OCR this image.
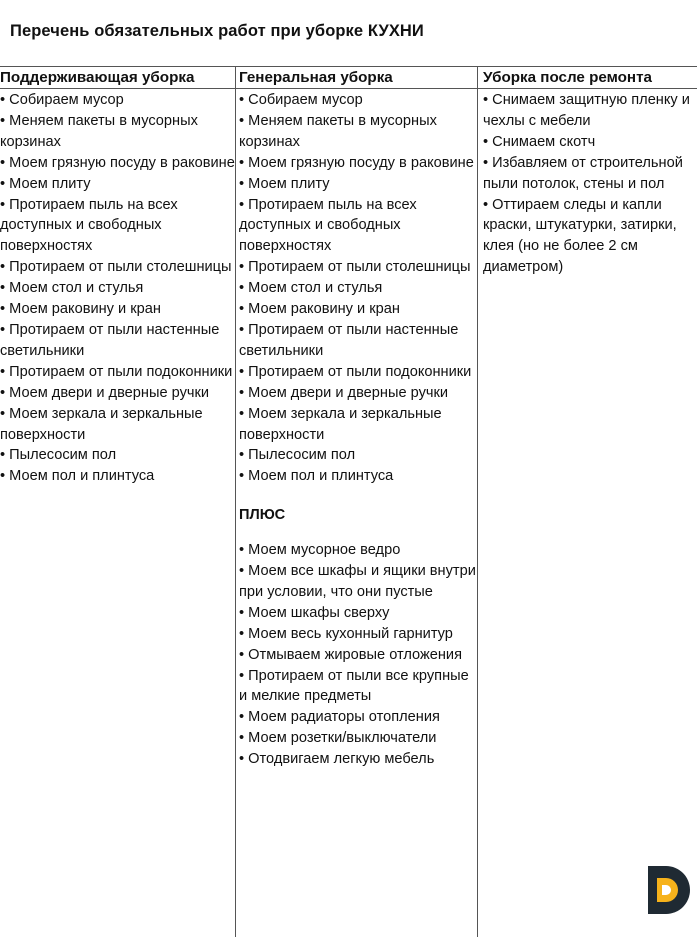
Перечень обязательных работ при уборке КУХНИ
Поддерживающая уборка
• Собираем мусор
• Меняем пакеты в мусорных корзинах
• Моем грязную посуду в раковине
• Моем плиту
• Протираем пыль на всех доступных и свободных поверхностях
• Протираем от пыли столешницы
• Моем стол и стулья
• Моем раковину и кран
• Протираем от пыли настенные светильники
• Протираем от пыли подоконники
• Моем двери и дверные ручки
• Моем зеркала и зеркальные поверхности
• Пылесосим пол
• Моем пол и плинтуса
Генеральная уборка
• Собираем мусор
• Меняем пакеты в мусорных корзинах
• Моем грязную посуду в раковине
• Моем плиту
• Протираем пыль на всех доступных и свободных поверхностях
• Протираем от пыли столешницы
• Моем стол и стулья
• Моем раковину и кран
• Протираем от пыли настенные светильники
• Протираем от пыли подоконники
• Моем двери и дверные ручки
• Моем зеркала и зеркальные поверхности
• Пылесосим пол
• Моем пол и плинтуса
ПЛЮС
• Моем мусорное ведро
• Моем все шкафы и ящики внутри при условии, что они пустые
• Моем шкафы сверху
• Моем весь кухонный гарнитур
• Отмываем жировые отложения
• Протираем от пыли все крупные и мелкие предметы
• Моем радиаторы отопления
• Моем розетки/выключатели
• Отодвигаем легкую мебель
Уборка после ремонта
• Снимаем защитную пленку и чехлы с мебели
• Снимаем скотч
• Избавляем от строительной пыли потолок, стены и пол
• Оттираем следы и капли краски, штукатурки, затирки, клея (но не более 2 см диаметром)
